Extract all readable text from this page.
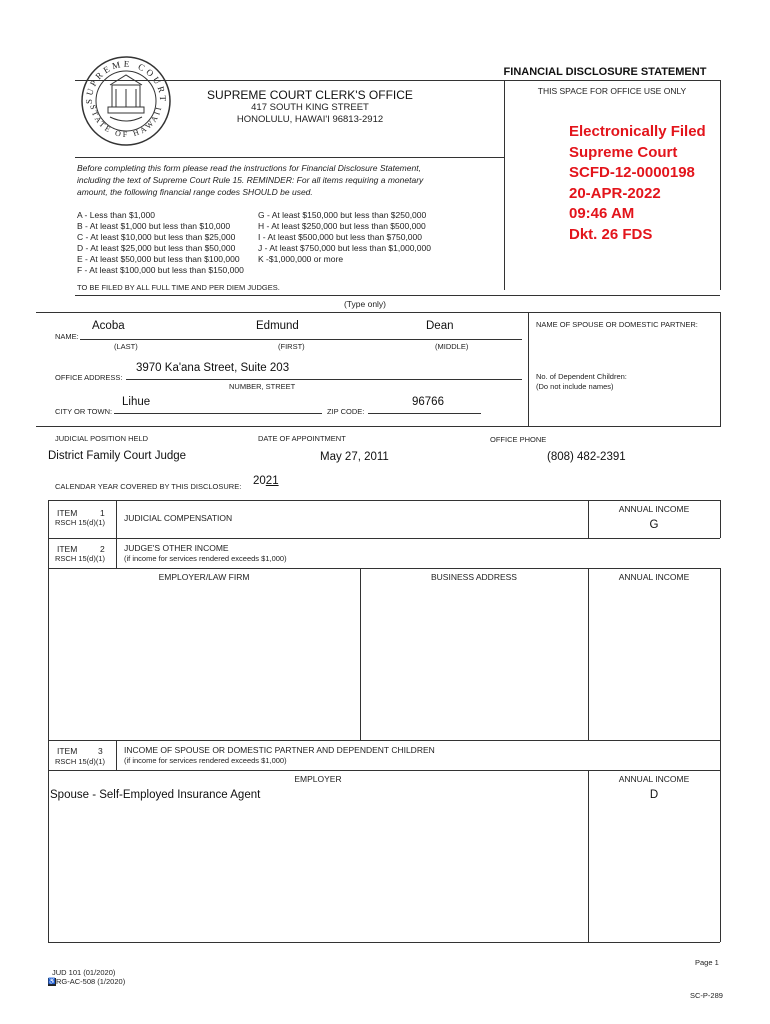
SUPREME COURT
STATE OF HAWAII
FINANCIAL DISCLOSURE STATEMENT
SUPREME COURT CLERK'S OFFICE
417 SOUTH KING STREET
HONOLULU, HAWAI'I 96813-2912
THIS SPACE FOR OFFICE USE ONLY
Electronically Filed
Supreme Court
SCFD-12-0000198
20-APR-2022
09:46 AM
Dkt. 26 FDS
Before completing this form please read the instructions for Financial Disclosure Statement,
including the text of Supreme Court Rule 15. REMINDER: For all items requiring a monetary
amount, the following financial range codes SHOULD be used.
A - Less than $1,000
B - At least $1,000 but less than $10,000
C - At least $10,000 but less than $25,000
D - At least $25,000 but less than $50,000
E - At least $50,000 but less than $100,000
F - At least $100,000 but less than $150,000
G - At least $150,000 but less than $250,000
H - At least $250,000 but less than $500,000
I - At least $500,000 but less than $750,000
J - At least $750,000 but less than $1,000,000
K -$1,000,000 or more
TO BE FILED BY ALL FULL TIME AND PER DIEM JUDGES.
(Type only)
NAME OF SPOUSE OR DOMESTIC PARTNER:
No. of Dependent Children:
(Do not include names)
Acoba	Edmund	Dean
NAME:
(LAST)	(FIRST)	(MIDDLE)
3970 Ka'ana Street, Suite 203
OFFICE ADDRESS:
NUMBER, STREET
Lihue	96766
CITY OR TOWN:	ZIP CODE:
JUDICIAL POSITION HELD	DATE OF APPOINTMENT	OFFICE PHONE
District Family Court Judge	May 27, 2011	(808) 482-2391
CALENDAR YEAR COVERED BY THIS DISCLOSURE: 2021
ITEM	1
RSCH 15(d)(1) JUDICIAL COMPENSATION
ANNUAL INCOME
G
ITEM	2
RSCH 15(d)(1)
JUDGE'S OTHER INCOME
(if income for services rendered exceeds $1,000)
EMPLOYER/LAW FIRM	BUSINESS ADDRESS	ANNUAL INCOME
ITEM 3
RSCH 15(d)(1)
INCOME OF SPOUSE OR DOMESTIC PARTNER AND DEPENDENT CHILDREN
(if income for services rendered exceeds $1,000)
EMPLOYER	ANNUAL INCOME
Spouse - Self-Employed Insurance Agent	D
Page 1
JUD 101 (01/2020)
♿RG-AC-508 (1/2020)
SC-P-289
